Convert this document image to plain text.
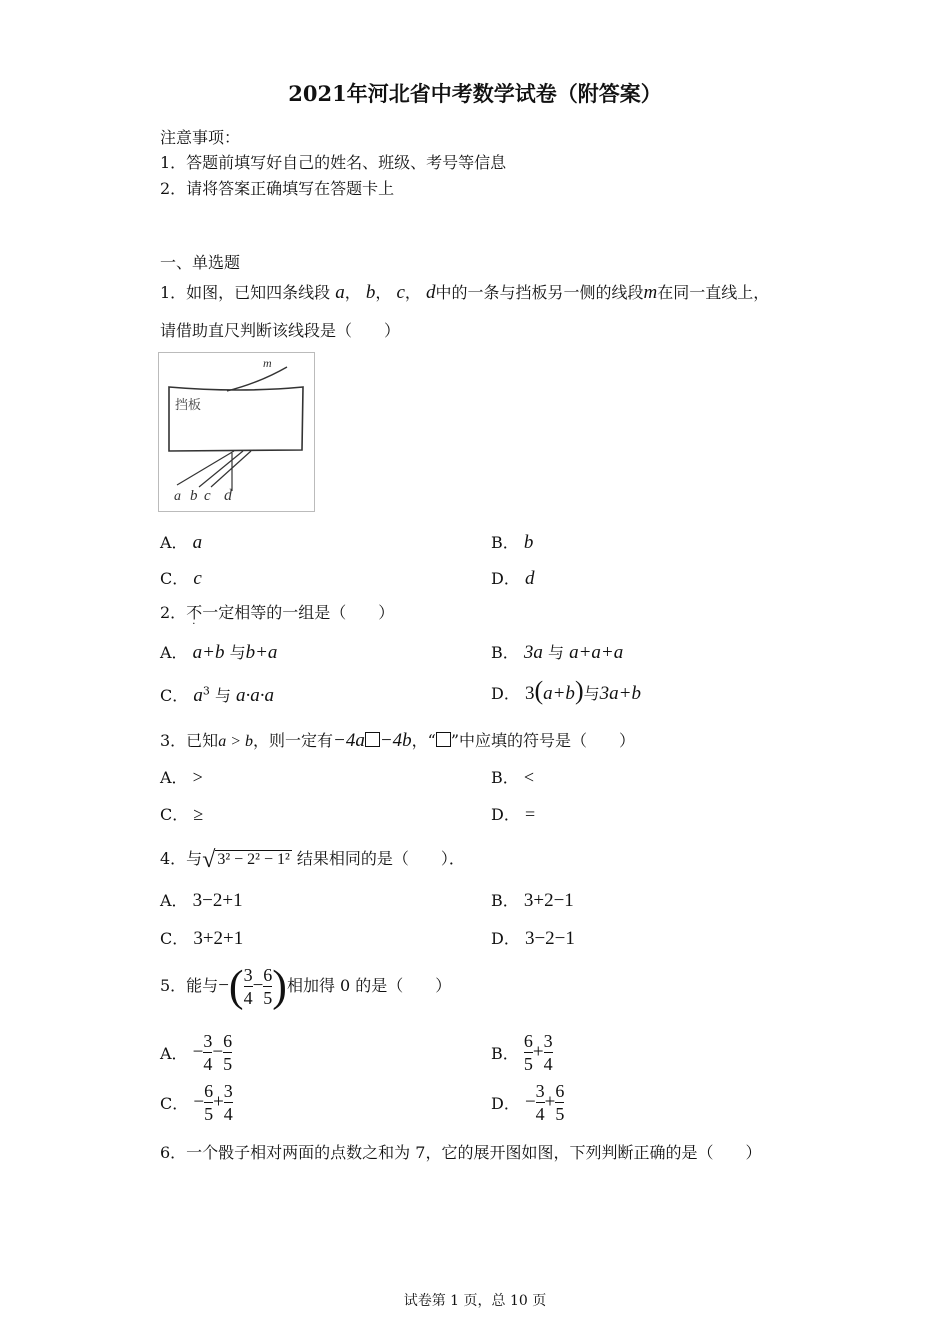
2021年河北省中考数学试卷（附答案）
注意事项：
1．答题前填写好自己的姓名、班级、考号等信息
2．请将答案正确填写在答题卡上
一、单选题
1．如图，已知四条线段 a， b， c， d中的一条与挡板另一侧的线段m在同一直线上，
请借助直尺判断该线段是（　　）
挡板
m
a b c d
A． a	B． b
C． c	D． d
2．不
·
一定相等的一组是（　　）
A． a+b 与b+a	B． 3a 与 a+a+a
C． $a^3$ 与 a·a·a	D． 3(a+b)与3a+b
3．已知a > b，则一定有−4a −4b，“ ”中应填的符号是（　　）
A． >	B． <
C． ≥	D． =
4．与√ 3² − 2² − 1² 结果相同的是（　　）．
A． 3−2+1	B． 3+2−1
C． 3+2+1	D． 3−2−1
5．能与−( $\frac{3}{4} - \frac{6}{5}$ )相加得 0 的是（　　）
A． − $\frac{3}{4} - \frac{6}{5}$	B． $\frac{6}{5} + \frac{3}{4}$
C． − $\frac{6}{5} + \frac{3}{4}$	D． − $\frac{3}{4} + \frac{6}{5}$
6．一个骰子相对两面的点数之和为 7，它的展开图如图，下列判断正确的是（　　）
试卷第 1 页，总 10 页
